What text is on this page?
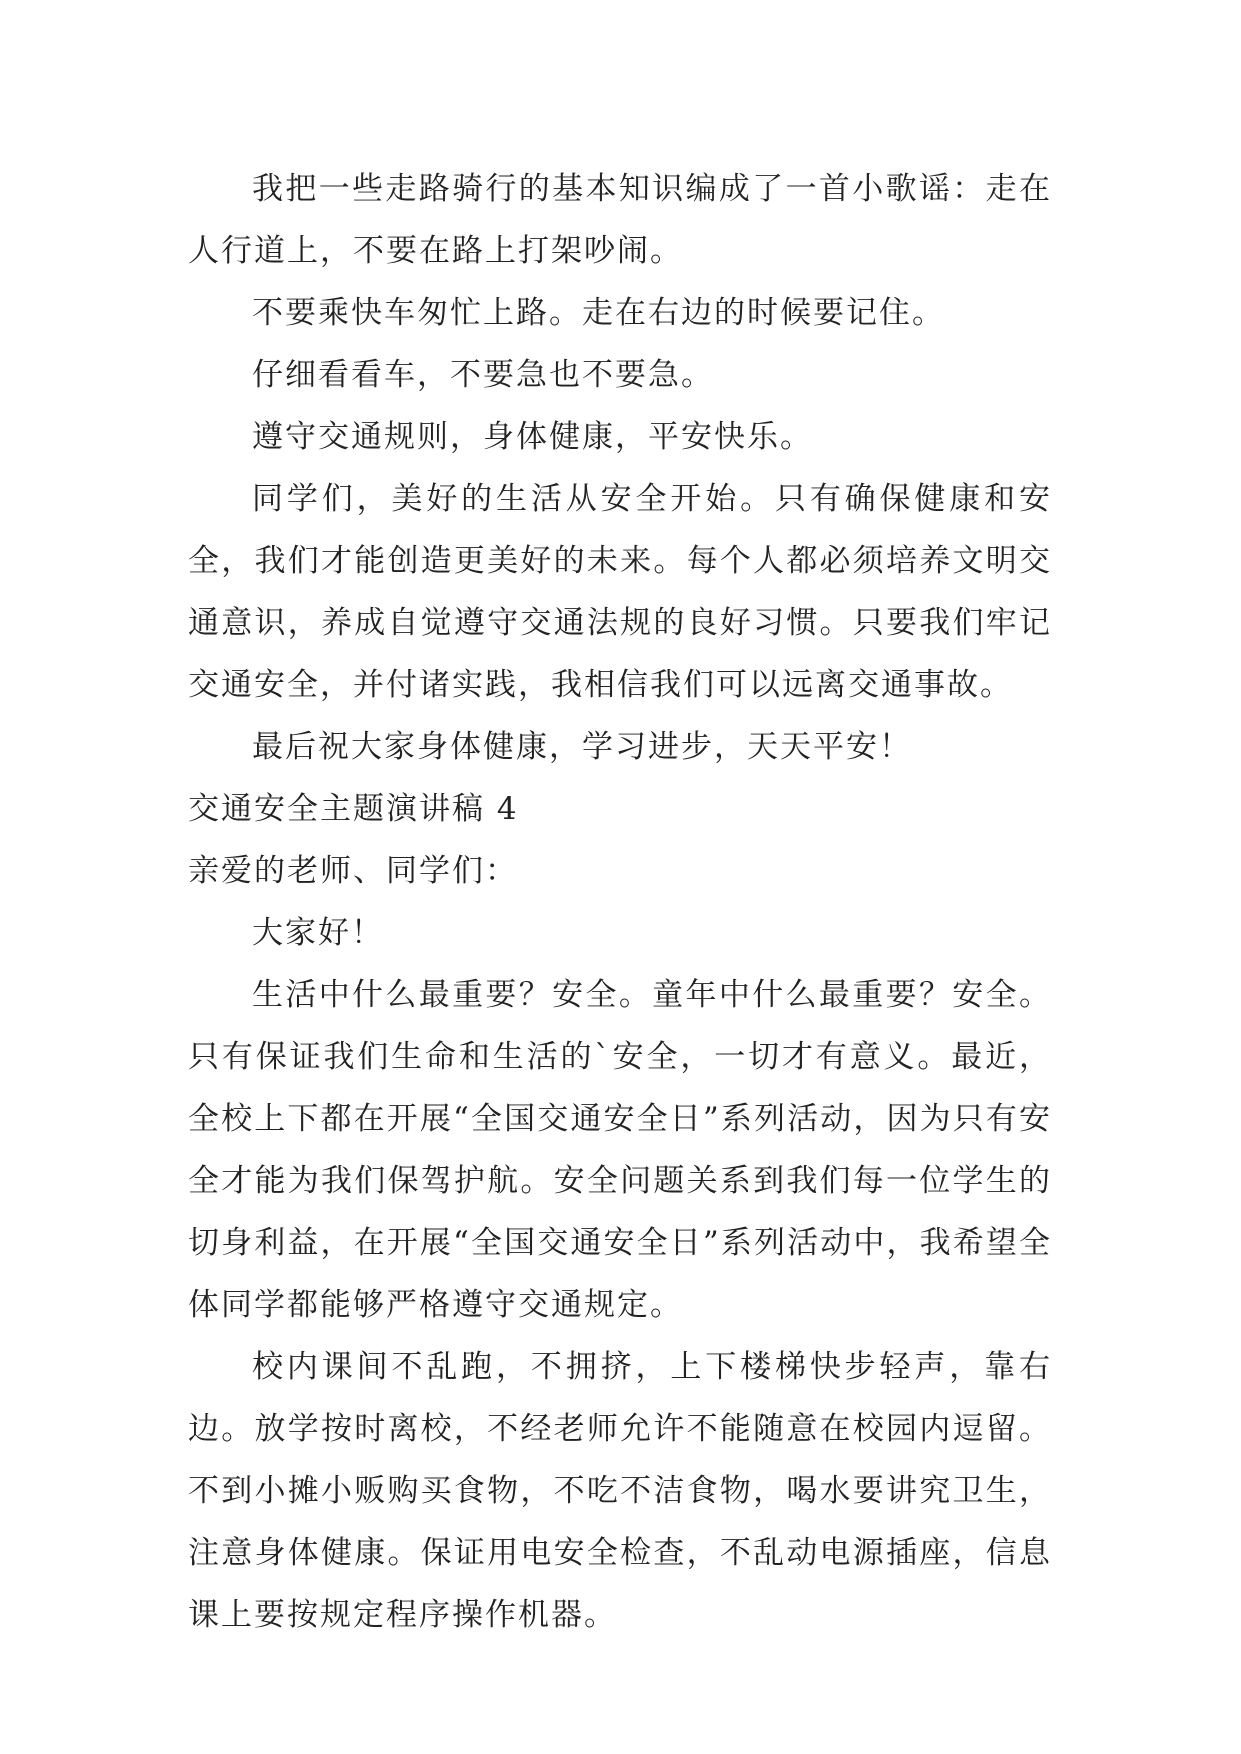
我把一些走路骑行的基本知识编成了一首小歌谣：走在人行道上，不要在路上打架吵闹。

不要乘快车匆忙上路。走在右边的时候要记住。

仔细看看车，不要急也不要急。

遵守交通规则，身体健康，平安快乐。

同学们，美好的生活从安全开始。只有确保健康和安全，我们才能创造更美好的未来。每个人都必须培养文明交通意识，养成自觉遵守交通法规的良好习惯。只要我们牢记交通安全，并付诸实践，我相信我们可以远离交通事故。

最后祝大家身体健康，学习进步，天天平安！

交通安全主题演讲稿 4

亲爱的老师、同学们：

大家好！

生活中什么最重要？安全。童年中什么最重要？安全。只有保证我们生命和生活的`安全，一切才有意义。最近，全校上下都在开展“全国交通安全日”系列活动，因为只有安全才能为我们保驾护航。安全问题关系到我们每一位学生的切身利益，在开展“全国交通安全日”系列活动中，我希望全体同学都能够严格遵守交通规定。

校内课间不乱跑，不拥挤，上下楼梯快步轻声，靠右边。放学按时离校，不经老师允许不能随意在校园内逗留。不到小摊小贩购买食物，不吃不洁食物，喝水要讲究卫生，注意身体健康。保证用电安全检查，不乱动电源插座，信息课上要按规定程序操作机器。
